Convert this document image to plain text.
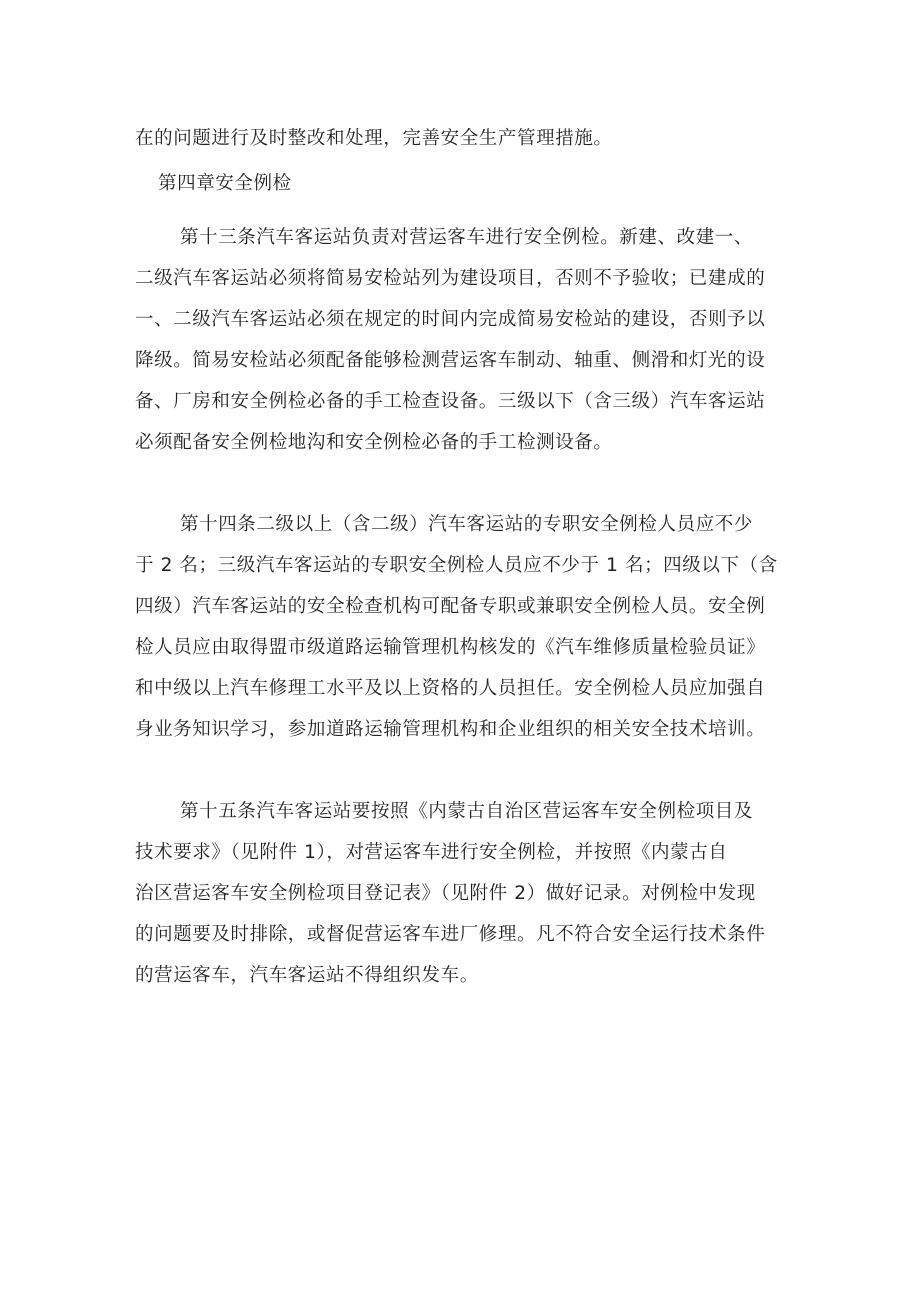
在的问题进行及时整改和处理，完善安全生产管理措施。

第四章安全例检

第十三条汽车客运站负责对营运客车进行安全例检。新建、改建一、
二级汽车客运站必须将简易安检站列为建设项目，否则不予验收；已建成的
一、二级汽车客运站必须在规定的时间内完成简易安检站的建设，否则予以
降级。简易安检站必须配备能够检测营运客车制动、轴重、侧滑和灯光的设
备、厂房和安全例检必备的手工检查设备。三级以下（含三级）汽车客运站
必须配备安全例检地沟和安全例检必备的手工检测设备。

第十四条二级以上（含二级）汽车客运站的专职安全例检人员应不少
于 2 名；三级汽车客运站的专职安全例检人员应不少于 1 名；四级以下（含
四级）汽车客运站的安全检查机构可配备专职或兼职安全例检人员。安全例
检人员应由取得盟市级道路运输管理机构核发的《汽车维修质量检验员证》
和中级以上汽车修理工水平及以上资格的人员担任。安全例检人员应加强自
身业务知识学习，参加道路运输管理机构和企业组织的相关安全技术培训。

第十五条汽车客运站要按照《内蒙古自治区营运客车安全例检项目及
技术要求》（见附件 1），对营运客车进行安全例检，并按照《内蒙古自
治区营运客车安全例检项目登记表》（见附件 2）做好记录。对例检中发现
的问题要及时排除，或督促营运客车进厂修理。凡不符合安全运行技术条件
的营运客车，汽车客运站不得组织发车。
